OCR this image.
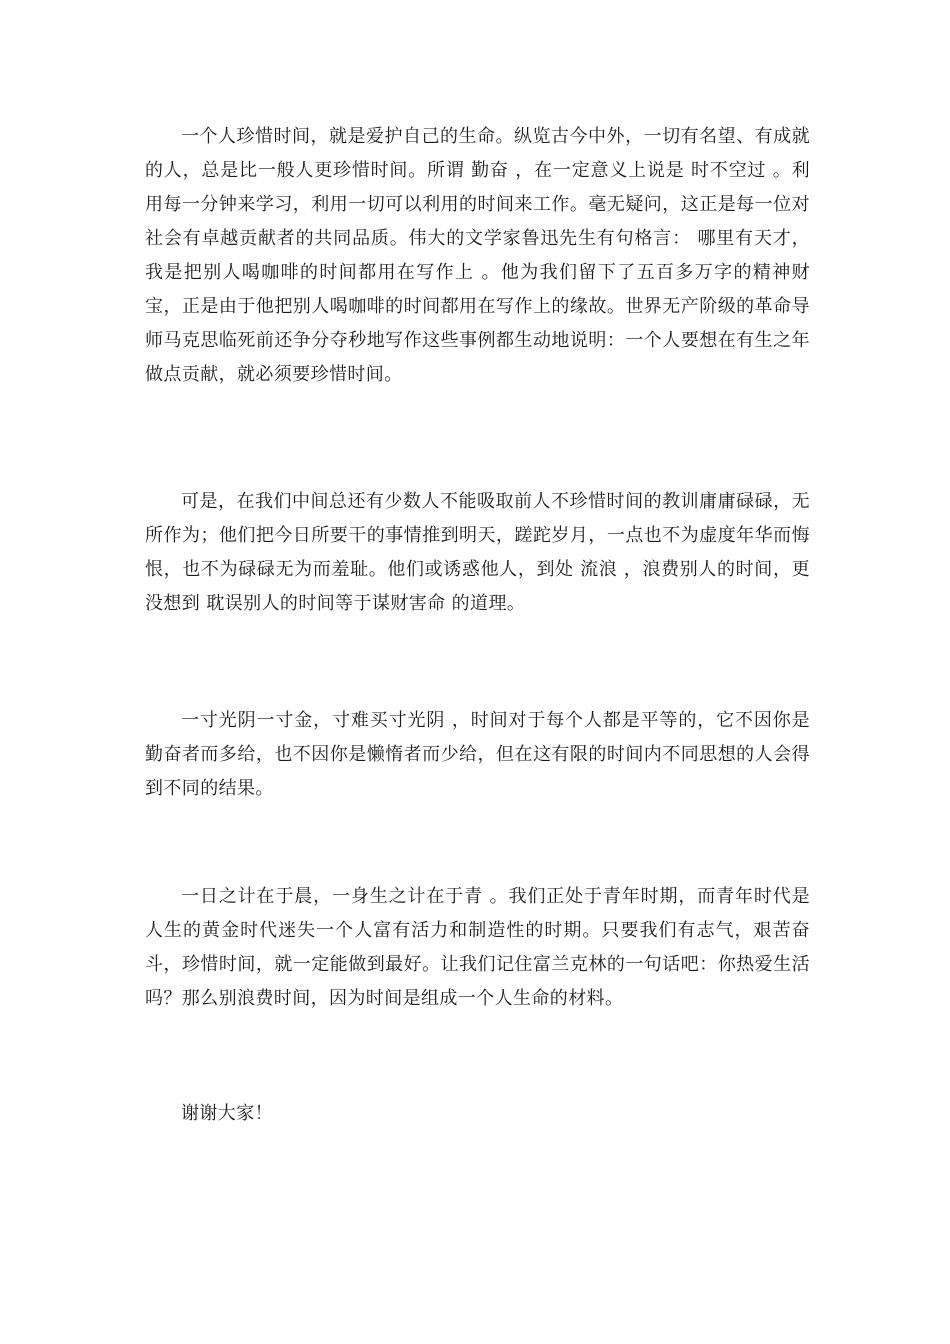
一个人珍惜时间，就是爱护自己的生命。纵览古今中外，一切有名望、有成就的人，总是比一般人更珍惜时间。所谓 勤奋 ，在一定意义上说是 时不空过 。利用每一分钟来学习，利用一切可以利用的时间来工作。毫无疑问，这正是每一位对社会有卓越贡献者的共同品质。伟大的文学家鲁迅先生有句格言： 哪里有天才，我是把别人喝咖啡的时间都用在写作上 。他为我们留下了五百多万字的精神财宝，正是由于他把别人喝咖啡的时间都用在写作上的缘故。世界无产阶级的革命导师马克思临死前还争分夺秒地写作这些事例都生动地说明：一个人要想在有生之年做点贡献，就必须要珍惜时间。

可是，在我们中间总还有少数人不能吸取前人不珍惜时间的教训庸庸碌碌，无所作为；他们把今日所要干的事情推到明天，蹉跎岁月，一点也不为虚度年华而悔恨，也不为碌碌无为而羞耻。他们或诱惑他人，到处 流浪 ，浪费别人的时间，更没想到 耽误别人的时间等于谋财害命 的道理。

一寸光阴一寸金，寸难买寸光阴 ，时间对于每个人都是平等的，它不因你是勤奋者而多给，也不因你是懒惰者而少给，但在这有限的时间内不同思想的人会得到不同的结果。

一日之计在于晨，一身生之计在于青 。我们正处于青年时期，而青年时代是人生的黄金时代迷失一个人富有活力和制造性的时期。只要我们有志气，艰苦奋斗，珍惜时间，就一定能做到最好。让我们记住富兰克林的一句话吧：你热爱生活吗？那么别浪费时间，因为时间是组成一个人生命的材料。

谢谢大家！
